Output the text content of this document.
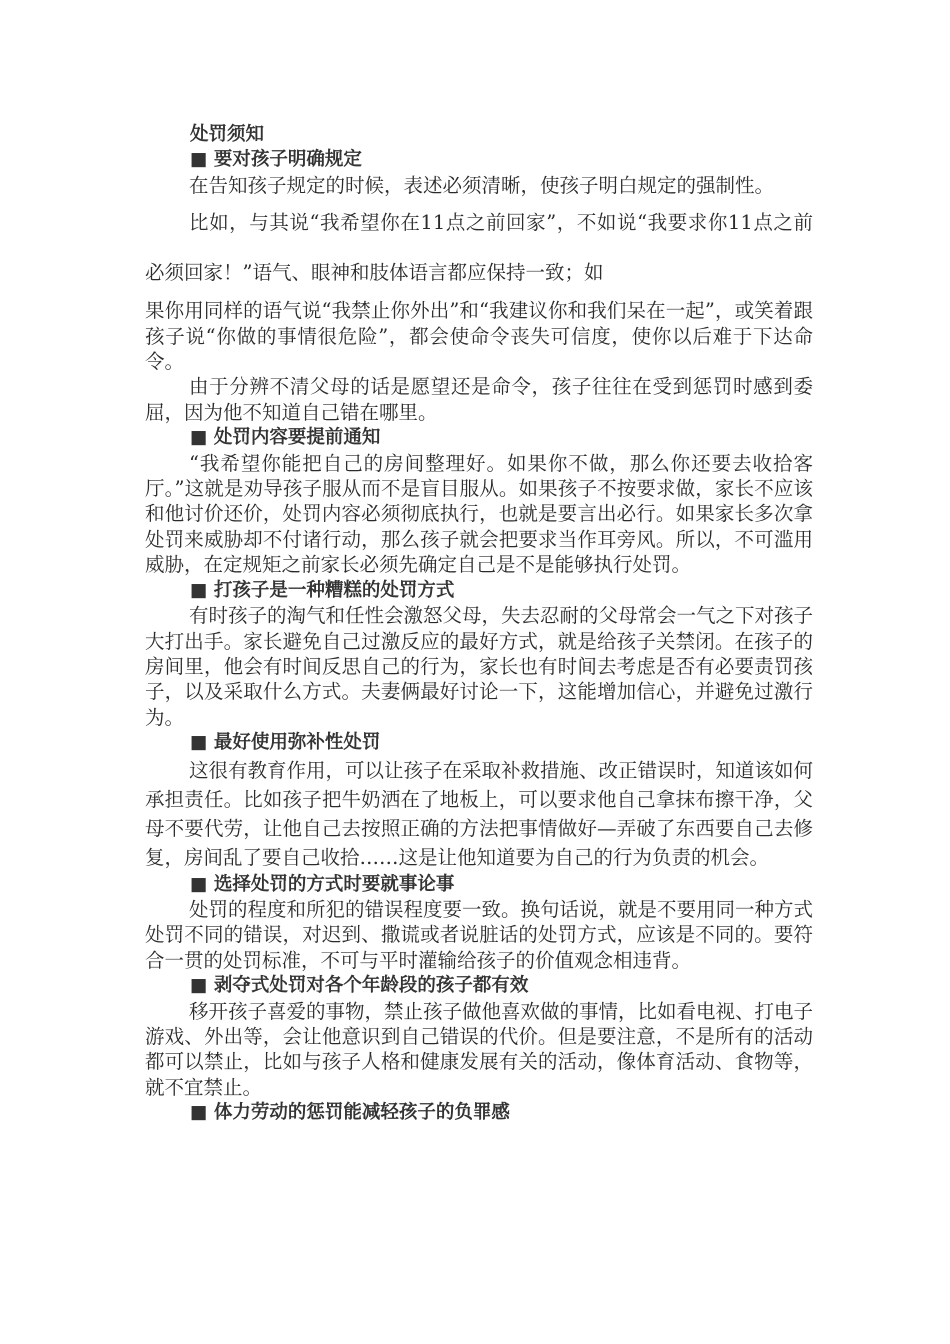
处罚须知

■ 要对孩子明确规定

在告知孩子规定的时候，表述必须清晰，使孩子明白规定的强制性。

比如，与其说“我希望你在11点之前回家”，不如说“我要求你11点之前必须回家！”语气、眼神和肢体语言都应保持一致；如

果你用同样的语气说“我禁止你外出”和“我建议你和我们呆在一起”，或笑着跟孩子说“你做的事情很危险”，都会使命令丧失可信度，使你以后难于下达命令。

由于分辨不清父母的话是愿望还是命令，孩子往往在受到惩罚时感到委屈，因为他不知道自己错在哪里。

■ 处罚内容要提前通知

“我希望你能把自己的房间整理好。如果你不做，那么你还要去收拾客厅。”这就是劝导孩子服从而不是盲目服从。如果孩子不按要求做，家长不应该和他讨价还价，处罚内容必须彻底执行，也就是要言出必行。如果家长多次拿处罚来威胁却不付诸行动，那么孩子就会把要求当作耳旁风。所以，不可滥用威胁，在定规矩之前家长必须先确定自己是不是能够执行处罚。

■ 打孩子是一种糟糕的处罚方式

有时孩子的淘气和任性会激怒父母，失去忍耐的父母常会一气之下对孩子大打出手。家长避免自己过激反应的最好方式，就是给孩子关禁闭。在孩子的房间里，他会有时间反思自己的行为，家长也有时间去考虑是否有必要责罚孩子，以及采取什么方式。夫妻俩最好讨论一下，这能增加信心，并避免过激行为。

■ 最好使用弥补性处罚

这很有教育作用，可以让孩子在采取补救措施、改正错误时，知道该如何承担责任。比如孩子把牛奶洒在了地板上，可以要求他自己拿抹布擦干净，父母不要代劳，让他自己去按照正确的方法把事情做好—弄破了东西要自己去修复，房间乱了要自己收拾……这是让他知道要为自己的行为负责的机会。

■ 选择处罚的方式时要就事论事

处罚的程度和所犯的错误程度要一致。换句话说，就是不要用同一种方式处罚不同的错误，对迟到、撒谎或者说脏话的处罚方式，应该是不同的。要符合一贯的处罚标准，不可与平时灌输给孩子的价值观念相违背。

■ 剥夺式处罚对各个年龄段的孩子都有效

移开孩子喜爱的事物，禁止孩子做他喜欢做的事情，比如看电视、打电子游戏、外出等，会让他意识到自己错误的代价。但是要注意，不是所有的活动都可以禁止，比如与孩子人格和健康发展有关的活动，像体育活动、食物等，就不宜禁止。

■ 体力劳动的惩罚能减轻孩子的负罪感
